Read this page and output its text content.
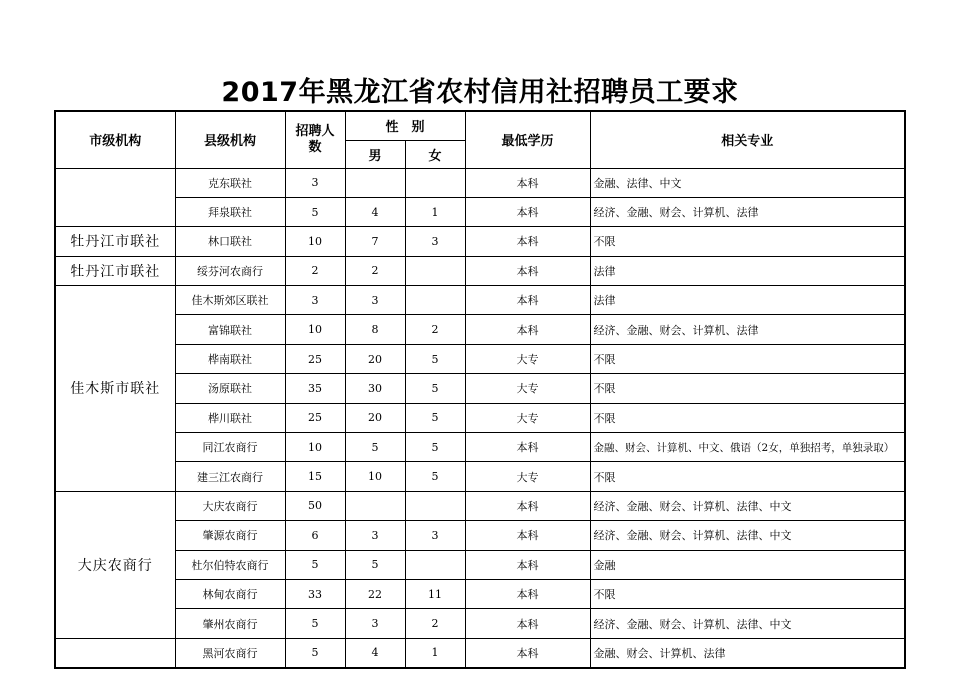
2017年黑龙江省农村信用社招聘员工要求
市级机构	县级机构	招聘人数	性　别		最低学历	相关专业
			男	女		
	克东联社	3			本科	金融、法律、中文
	拜泉联社	5	4	1	本科	经济、金融、财会、计算机、法律
牡丹江市联社	林口联社	10	7	3	本科	不限
牡丹江市联社	绥芬河农商行	2	2		本科	法律
佳木斯市联社	佳木斯郊区联社	3	3		本科	法律
	富锦联社	10	8	2	本科	经济、金融、财会、计算机、法律
	桦南联社	25	20	5	大专	不限
	汤原联社	35	30	5	大专	不限
	桦川联社	25	20	5	大专	不限
	同江农商行	10	5	5	本科	金融、财会、计算机、中文、俄语（2女，单独招考，单独录取）
	建三江农商行	15	10	5	大专	不限
大庆农商行	大庆农商行	50			本科	经济、金融、财会、计算机、法律、中文
	肇源农商行	6	3	3	本科	经济、金融、财会、计算机、法律、中文
	杜尔伯特农商行	5	5		本科	金融
	林甸农商行	33	22	11	本科	不限
	肇州农商行	5	3	2	本科	经济、金融、财会、计算机、法律、中文
	黑河农商行	5	4	1	本科	金融、财会、计算机、法律
